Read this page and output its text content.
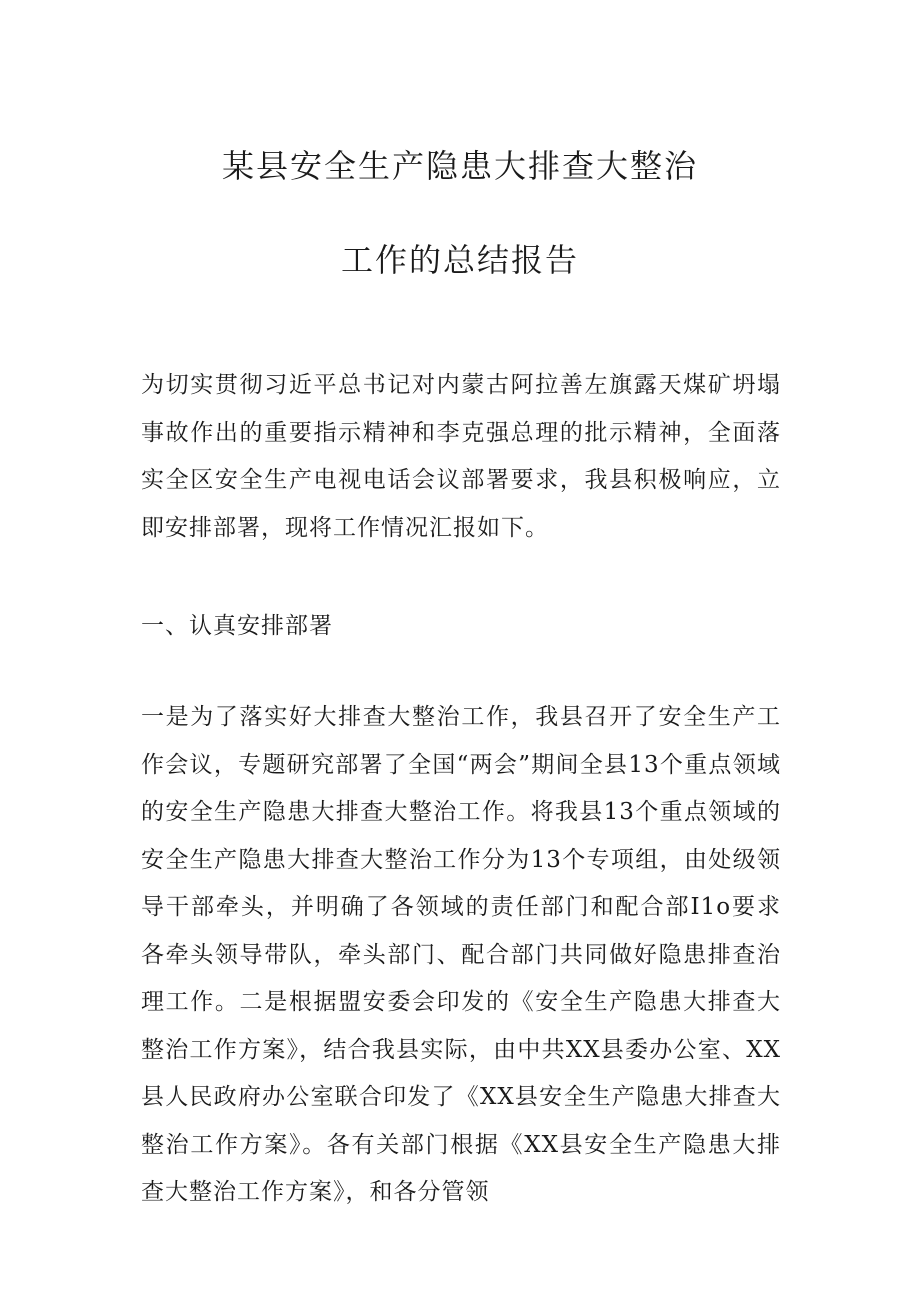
某县安全生产隐患大排查大整治
工作的总结报告

为切实贯彻习近平总书记对内蒙古阿拉善左旗露天煤矿坍塌事故作出的重要指示精神和李克强总理的批示精神，全面落实全区安全生产电视电话会议部署要求，我县积极响应，立即安排部署，现将工作情况汇报如下。

一、认真安排部署

一是为了落实好大排查大整治工作，我县召开了安全生产工作会议，专题研究部署了全国“两会”期间全县13个重点领域的安全生产隐患大排查大整治工作。将我县13个重点领域的安全生产隐患大排查大整治工作分为13个专项组，由处级领导干部牵头，并明确了各领域的责任部门和配合部I1o要求各牵头领导带队，牵头部门、配合部门共同做好隐患排查治理工作。二是根据盟安委会印发的《安全生产隐患大排查大整治工作方案》，结合我县实际，由中共XX县委办公室、XX县人民政府办公室联合印发了《XX县安全生产隐患大排查大整治工作方案》。各有关部门根据《XX县安全生产隐患大排查大整治工作方案》，和各分管领
